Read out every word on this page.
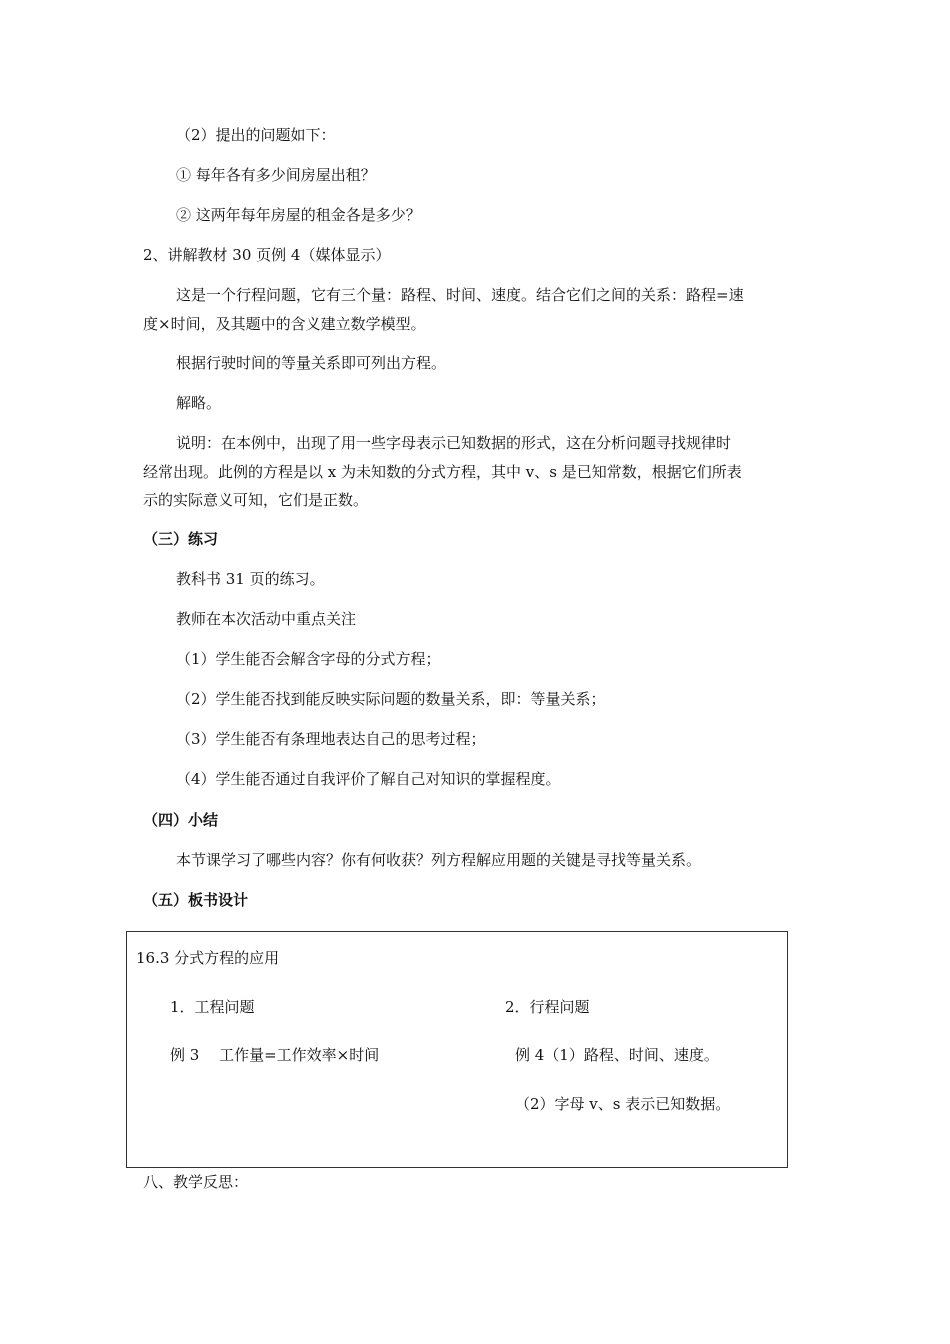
（2）提出的问题如下：
① 每年各有多少间房屋出租？
② 这两年每年房屋的租金各是多少？
2、讲解教材 30 页例 4（媒体显示）
这是一个行程问题，它有三个量：路程、时间、速度。结合它们之间的关系：路程=速
度×时间，及其题中的含义建立数学模型。
根据行驶时间的等量关系即可列出方程。
解略。
说明：在本例中，出现了用一些字母表示已知数据的形式，这在分析问题寻找规律时
经常出现。此例的方程是以 x 为未知数的分式方程，其中 v、s 是已知常数，根据它们所表
示的实际意义可知，它们是正数。
（三）练习
教科书 31 页的练习。
教师在本次活动中重点关注
（1）学生能否会解含字母的分式方程；
（2）学生能否找到能反映实际问题的数量关系，即：等量关系；
（3）学生能否有条理地表达自己的思考过程；
（4）学生能否通过自我评价了解自己对知识的掌握程度。
（四）小结
本节课学习了哪些内容？你有何收获？列方程解应用题的关键是寻找等量关系。
（五）板书设计
16.3 分式方程的应用
1．工程问题
例 3　 工作量=工作效率×时间
2．行程问题
例 4（1）路程、时间、速度。
（2）字母 v、s 表示已知数据。
八、教学反思：
